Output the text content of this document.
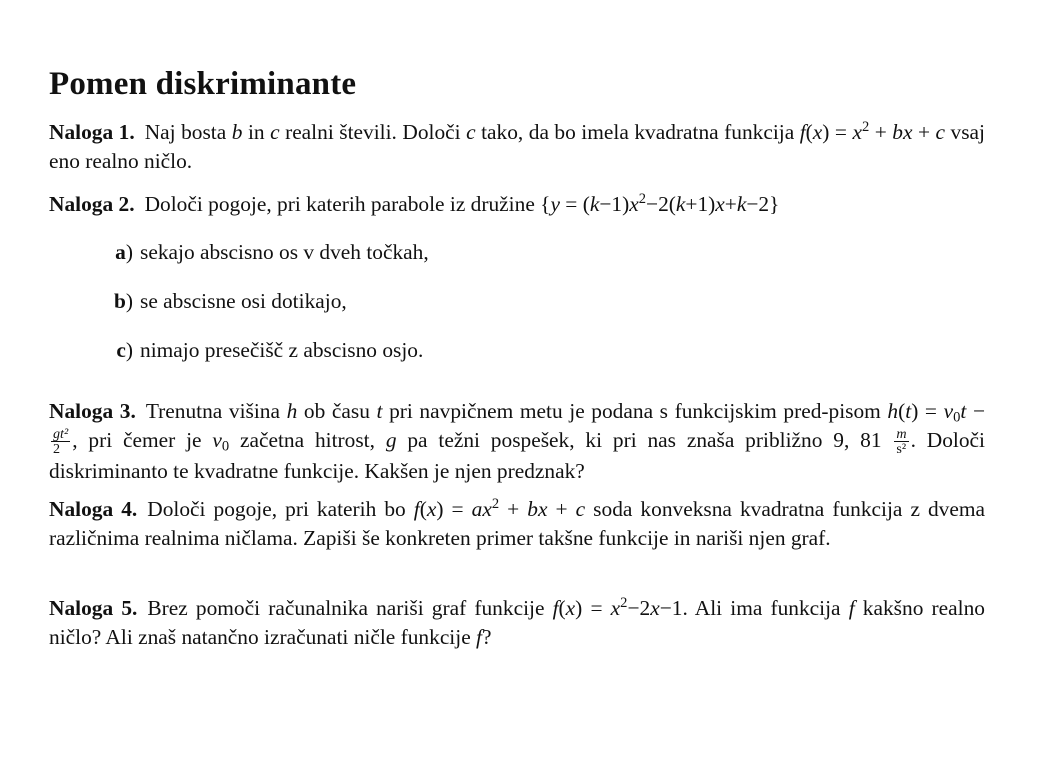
Pomen diskriminante

Naloga 1. Naj bosta b in c realni števili. Določi c tako, da bo imela kvadratna funkcija $f(x) = x^2$ + bx + c vsaj eno realno ničlo.

Naloga 2. Določi pogoje, pri katerih parabole iz družine $\{y = (k-1)x^2-2(k+1)x+k-2\}$

a) sekajo abscisno os v dveh točkah,
b) se abscisne osi dotikajo,
c) nimajo presečišč z abscisno osjo.

Naloga 3. Trenutna višina h ob času t pri navpičnem metu je podana s funkcijskim pred-pisom $h(t) = v_0t$ −
$\frac{\text{gt²}}{2}$ , pri čemer je $v_0$ začetna hitrost, g pa težni pospešek, ki pri nas znaša približno 9, $81 \frac{m}{\text{s²}}$ . Določi diskriminanto te kvadratne funkcije. Kakšen je njen predznak?

Naloga 4. Določi pogoje, pri katerih bo $f(x) = ax^2$ + bx + c soda konveksna kvadratna funkcija z dvema različnima realnima ničlama. Zapiši še konkreten primer takšne funkcije in nariši njen graf.

Naloga 5. Brez pomoči računalnika nariši graf funkcije $f(x) = x^2-2x-1$. Ali ima funkcija f kakšno realno ničlo? Ali znaš natančno izračunati ničle funkcije f?
